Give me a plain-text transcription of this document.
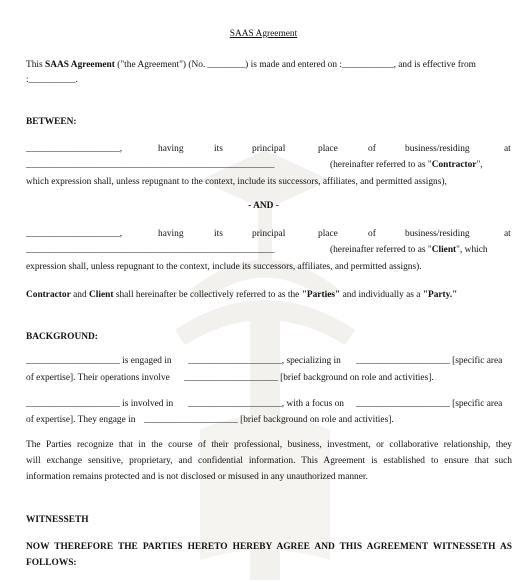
SAAS Agreement
This SAAS Agreement ("the Agreement") (No. ________) is made and entered on :___________, and is effective from
:__________.
BETWEEN:
____________________,	having	its	principal	place	of	business/residing	at
_____________________________________________________	(hereinafter referred to as "Contractor",
which expression shall, unless repugnant to the context, include its successors, affiliates, and permitted assigns),
- AND -
____________________,	having	its	principal	place	of	business/residing	at
_____________________________________________________	(hereinafter referred to as "Client", which
expression shall, unless repugnant to the context, include its successors, affiliates, and permitted assigns).
Contractor and Client shall hereinafter be collectively referred to as the "Parties" and individually as a "Party."
BACKGROUND:
____________________ is engaged in ____________________, specializing in ____________________ [specific area
of expertise]. Their operations involve ____________________ [brief background on role and activities].
____________________ is involved in ____________________, with a focus on ____________________ [specific area
of expertise]. They engage in ____________________ [brief background on role and activities].
The Parties recognize that in the course of their professional, business, investment, or collaborative relationship, they
will exchange sensitive, proprietary, and confidential information. This Agreement is established to ensure that such
information remains protected and is not disclosed or misused in any unauthorized manner.
WITNESSETH
NOW THEREFORE THE PARTIES HERETO HEREBY AGREE AND THIS AGREEMENT WITNESSETH AS
FOLLOWS:
